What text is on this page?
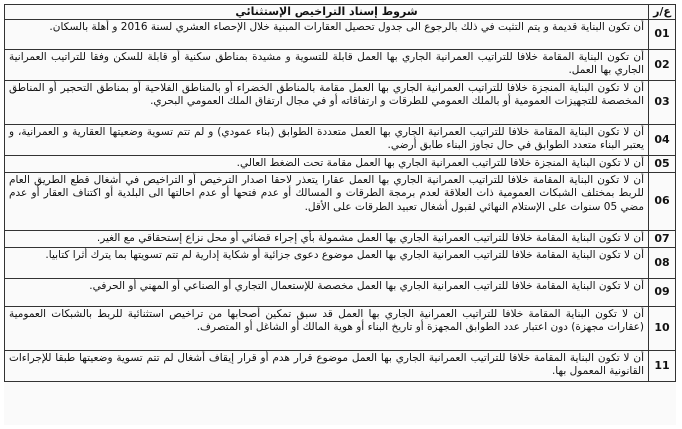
ع/ر	شروط إسناد التراخيص الإستثنائي
01	أن تكون البناية قديمة و يتم التثبت في ذلك بالرجوع الى جدول تحصيل العقارات المبنية خلال الإحصاء العشري لسنة 2016 و أهلة بالسكان.
02	أن تكون البناية المقامة خلافا للتراتيب العمرانية الجاري بها العمل قابلة للتسوية و مشيدة بمناطق سكنية أو قابلة للسكن وفقا للتراتيب العمرانية الجاري بها العمل.
03	أن لا تكون البناية المنجزة خلافا للتراتيب العمرانية الجاري بها العمل مقامة بالمناطق الخضراء أو بالمناطق الفلاحية أو بمناطق التحجير أو المناطق المخصصة للتجهيزات العمومية أو بالملك العمومي للطرقات و ارتفاقاته أو في مجال ارتفاق الملك العمومي البحري.
04	أن لا تكون البناية المقامة خلافا للتراتيب العمرانية الجاري بها العمل متعددة الطوابق (بناء عمودي) و لم تتم تسوية وضعيتها العقارية و العمرانية، و يعتبر البناء متعدد الطوابق في حال تجاوز البناء طابق أرضي.
05	أن لا تكون البناية المنجزة خلافا للتراتيب العمرانية الجاري بها العمل مقامة تحت الضغط العالي.
06	أن لا تكون البناية المقامة خلافا للتراتيب العمرانية الجاري بها العمل عقارا يتعذر لاحقا اصدار الترخيص أو التراخيص في أشغال قطع الطريق العام للربط بمختلف الشبكات العمومية ذات العلاقة لعدم برمجة الطرقات و المسالك أو عدم فتحها أو عدم احالتها الى البلدية أو اكتناف العقار أو عدم مضي 05 سنوات على الإستلام النهائي لقبول أشغال تعبيد الطرقات على الأقل.
07	أن لا تكون البناية المقامة خلافا للتراتيب العمرانية الجاري بها العمل مشمولة بأي إجراء قضائي أو محل نزاع إستحقاقي مع الغير.
08	أن لا تكون البناية المقامة خلافا للتراتيب العمرانية الجاري بها العمل موضوع دعوى جزائية أو شكاية إدارية لم تتم تسويتها بما يترك أثرا كتابيا.
09	أن لا تكون البناية المقامة خلافا للتراتيب العمرانية الجاري بها العمل مخصصة للإستعمال التجاري أو الصناعي أو المهني أو الحرفي.
10	أن لا تكون البناية المقامة خلافا للتراتيب العمرانية الجاري بها العمل قد سبق تمكين أصحابها من تراخيص استثنائية للربط بالشبكات العمومية (عقارات مجهزة) دون اعتبار عدد الطوابق المجهزة أو تاريخ البناء أو هوية المالك أو الشاغل أو المتصرف.
11	أن لا تكون البناية المقامة خلافا للتراتيب العمرانية الجاري بها العمل موضوع قرار هدم أو قرار إيقاف أشغال لم تتم تسوية وضعيتها طبقا للإجراءات القانونية المعمول بها.
